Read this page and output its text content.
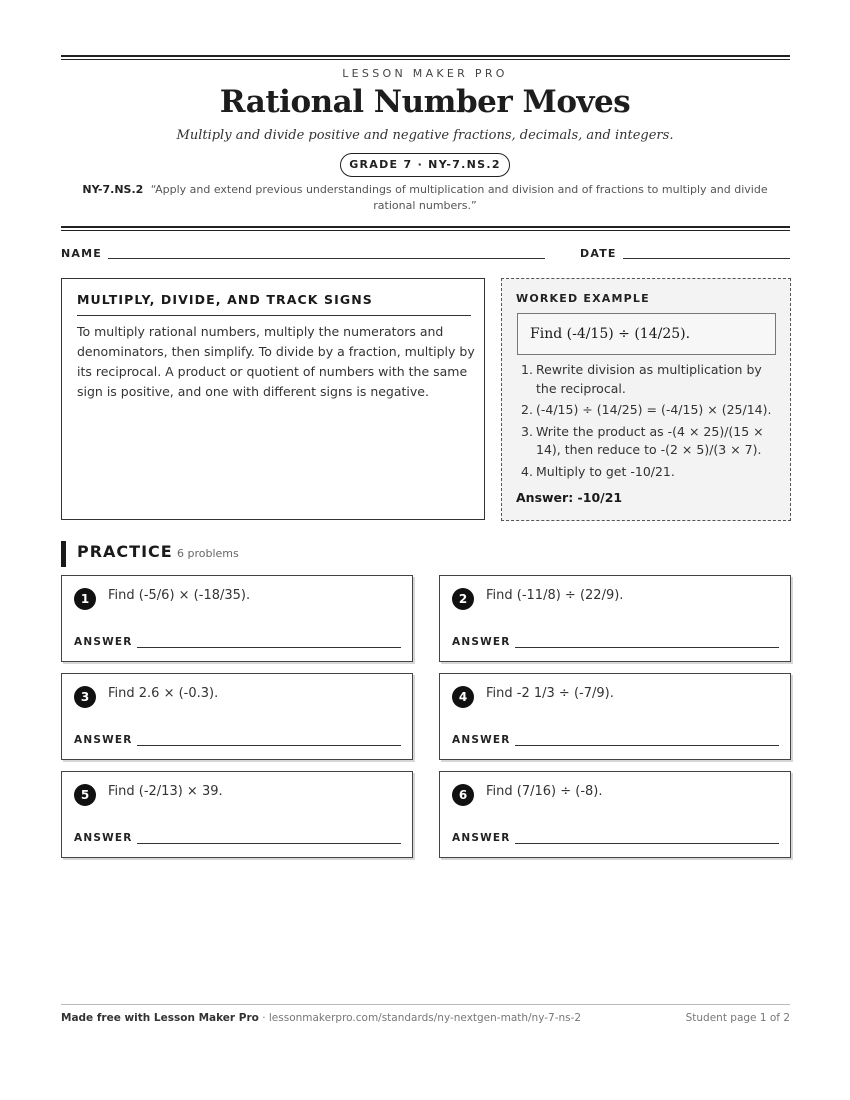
LESSON MAKER PRO
Rational Number Moves
Multiply and divide positive and negative fractions, decimals, and integers.
GRADE 7 · NY-7.NS.2
NY-7.NS.2 “Apply and extend previous understandings of multiplication and division and of fractions to multiply and divide rational numbers.”
NAME	DATE
MULTIPLY, DIVIDE, AND TRACK SIGNS

To multiply rational numbers, multiply the numerators and denominators, then simplify. To divide by a fraction, multiply by its reciprocal. A product or quotient of numbers with the same sign is positive, and one with different signs is negative.

WORKED EXAMPLE
Find (-4/15) ÷ (14/25).
1. Rewrite division as multiplication by the reciprocal.
2. (-4/15) ÷ (14/25) = (-4/15) × (25/14).
3. Write the product as -(4 × 25)/(15 × 14), then reduce to -(2 × 5)/(3 × 7).
4. Multiply to get -10/21.
Answer: -10/21
PRACTICE 6 problems
1	Find (-5/6) × (-18/35).
ANSWER
2	Find (-11/8) ÷ (22/9).
ANSWER
3	Find 2.6 × (-0.3).
ANSWER
4	Find -2 1/3 ÷ (-7/9).
ANSWER
5	Find (-2/13) × 39.
ANSWER
6	Find (7/16) ÷ (-8).
ANSWER
Made free with Lesson Maker Pro · lessonmakerpro.com/standards/ny-nextgen-math/ny-7-ns-2	Student page 1 of 2
